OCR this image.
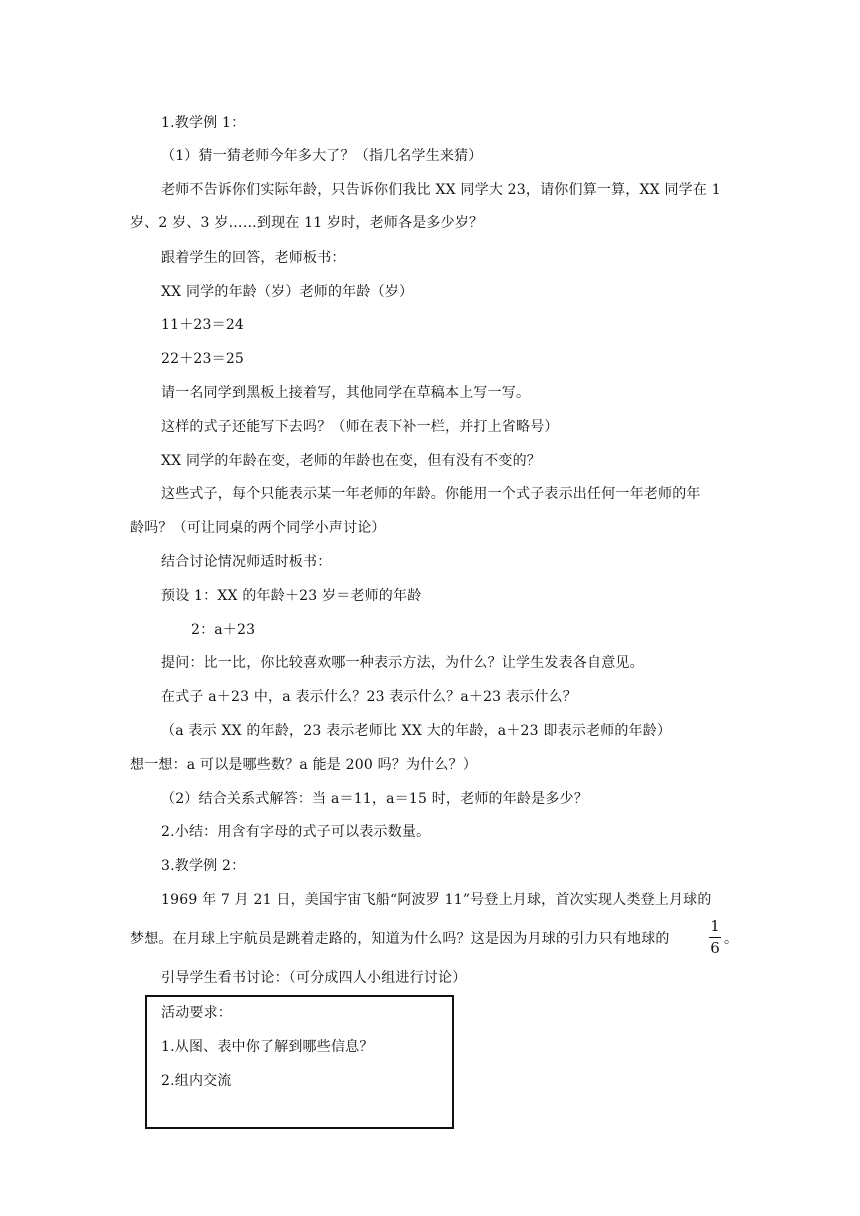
1.教学例 1：
（1）猜一猜老师今年多大了？（指几名学生来猜）
老师不告诉你们实际年龄，只告诉你们我比 XX 同学大 23，请你们算一算，XX 同学在 1
岁、2 岁、3 岁……到现在 11 岁时，老师各是多少岁？
跟着学生的回答，老师板书：
XX 同学的年龄（岁）老师的年龄（岁）
11＋23＝24
22＋23＝25
请一名同学到黑板上接着写，其他同学在草稿本上写一写。
这样的式子还能写下去吗？（师在表下补一栏，并打上省略号）
XX 同学的年龄在变，老师的年龄也在变，但有没有不变的？
这些式子，每个只能表示某一年老师的年龄。你能用一个式子表示出任何一年老师的年
龄吗？（可让同桌的两个同学小声讨论）
结合讨论情况师适时板书：
预设 1：XX 的年龄＋23 岁＝老师的年龄
2：a＋23
提问：比一比，你比较喜欢哪一种表示方法，为什么？让学生发表各自意见。
在式子 a＋23 中，a 表示什么？23 表示什么？a＋23 表示什么？
（a 表示 XX 的年龄，23 表示老师比 XX 大的年龄，a＋23 即表示老师的年龄）
想一想：a 可以是哪些数？a 能是 200 吗？为什么？）
（2）结合关系式解答：当 a＝11，a＝15 时，老师的年龄是多少？
2.小结：用含有字母的式子可以表示数量。
3.教学例 2：
1969 年 7 月 21 日，美国宇宙飞船“阿波罗 11”号登上月球，首次实现人类登上月球的
梦想。在月球上宇航员是跳着走路的，知道为什么吗？这是因为月球的引力只有地球的
1
6 。
引导学生看书讨论：（可分成四人小组进行讨论）
活动要求：
1.从图、表中你了解到哪些信息？
2.组内交流
